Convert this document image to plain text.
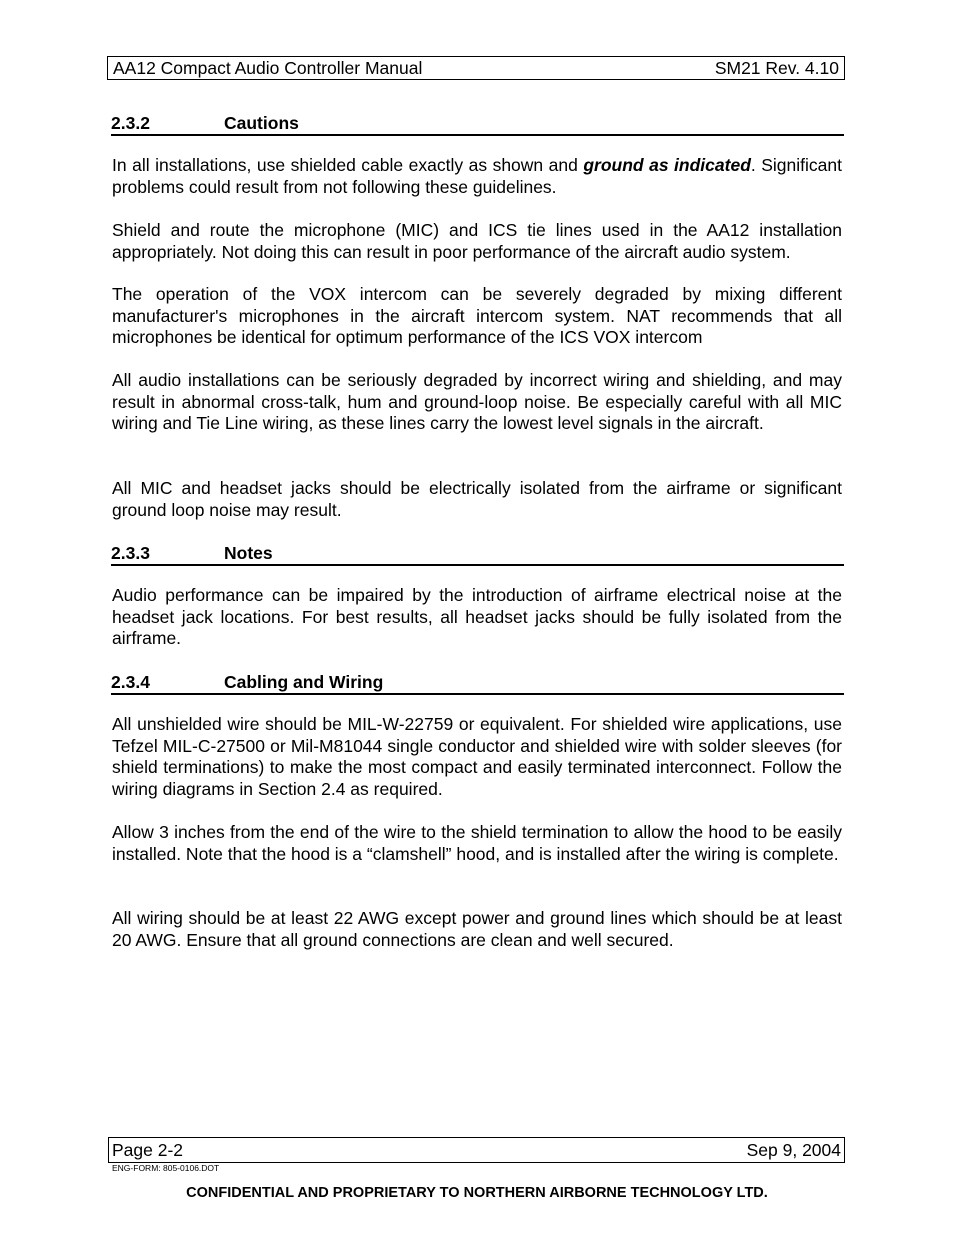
AA12 Compact Audio Controller Manual	SM21 Rev. 4.10
2.3.2	Cautions

In all installations, use shielded cable exactly as shown and ground as indicated. Significant problems could result from not following these guidelines.

Shield and route the microphone (MIC) and ICS tie lines used in the AA12 installation appropriately. Not doing this can result in poor performance of the aircraft audio system.

The operation of the VOX intercom can be severely degraded by mixing different manufacturer's microphones in the aircraft intercom system. NAT recommends that all microphones be identical for optimum performance of the ICS VOX intercom

All audio installations can be seriously degraded by incorrect wiring and shielding, and may result in abnormal cross-talk, hum and ground-loop noise. Be especially careful with all MIC wiring and Tie Line wiring, as these lines carry the lowest level signals in the aircraft.

All MIC and headset jacks should be electrically isolated from the airframe or significant ground loop noise may result.

2.3.3	Notes

Audio performance can be impaired by the introduction of airframe electrical noise at the headset jack locations. For best results, all headset jacks should be fully isolated from the airframe.

2.3.4	Cabling and Wiring

All unshielded wire should be MIL-W-22759 or equivalent. For shielded wire applications, use Tefzel MIL-C-27500 or Mil-M81044 single conductor and shielded wire with solder sleeves (for shield terminations) to make the most compact and easily terminated interconnect. Follow the wiring diagrams in Section 2.4 as required.

Allow 3 inches from the end of the wire to the shield termination to allow the hood to be easily installed. Note that the hood is a “clamshell” hood, and is installed after the wiring is complete.

All wiring should be at least 22 AWG except power and ground lines which should be at least 20 AWG. Ensure that all ground connections are clean and well secured.

Page 2-2	Sep 9, 2004
ENG-FORM: 805-0106.DOT
CONFIDENTIAL AND PROPRIETARY TO NORTHERN AIRBORNE TECHNOLOGY LTD.
